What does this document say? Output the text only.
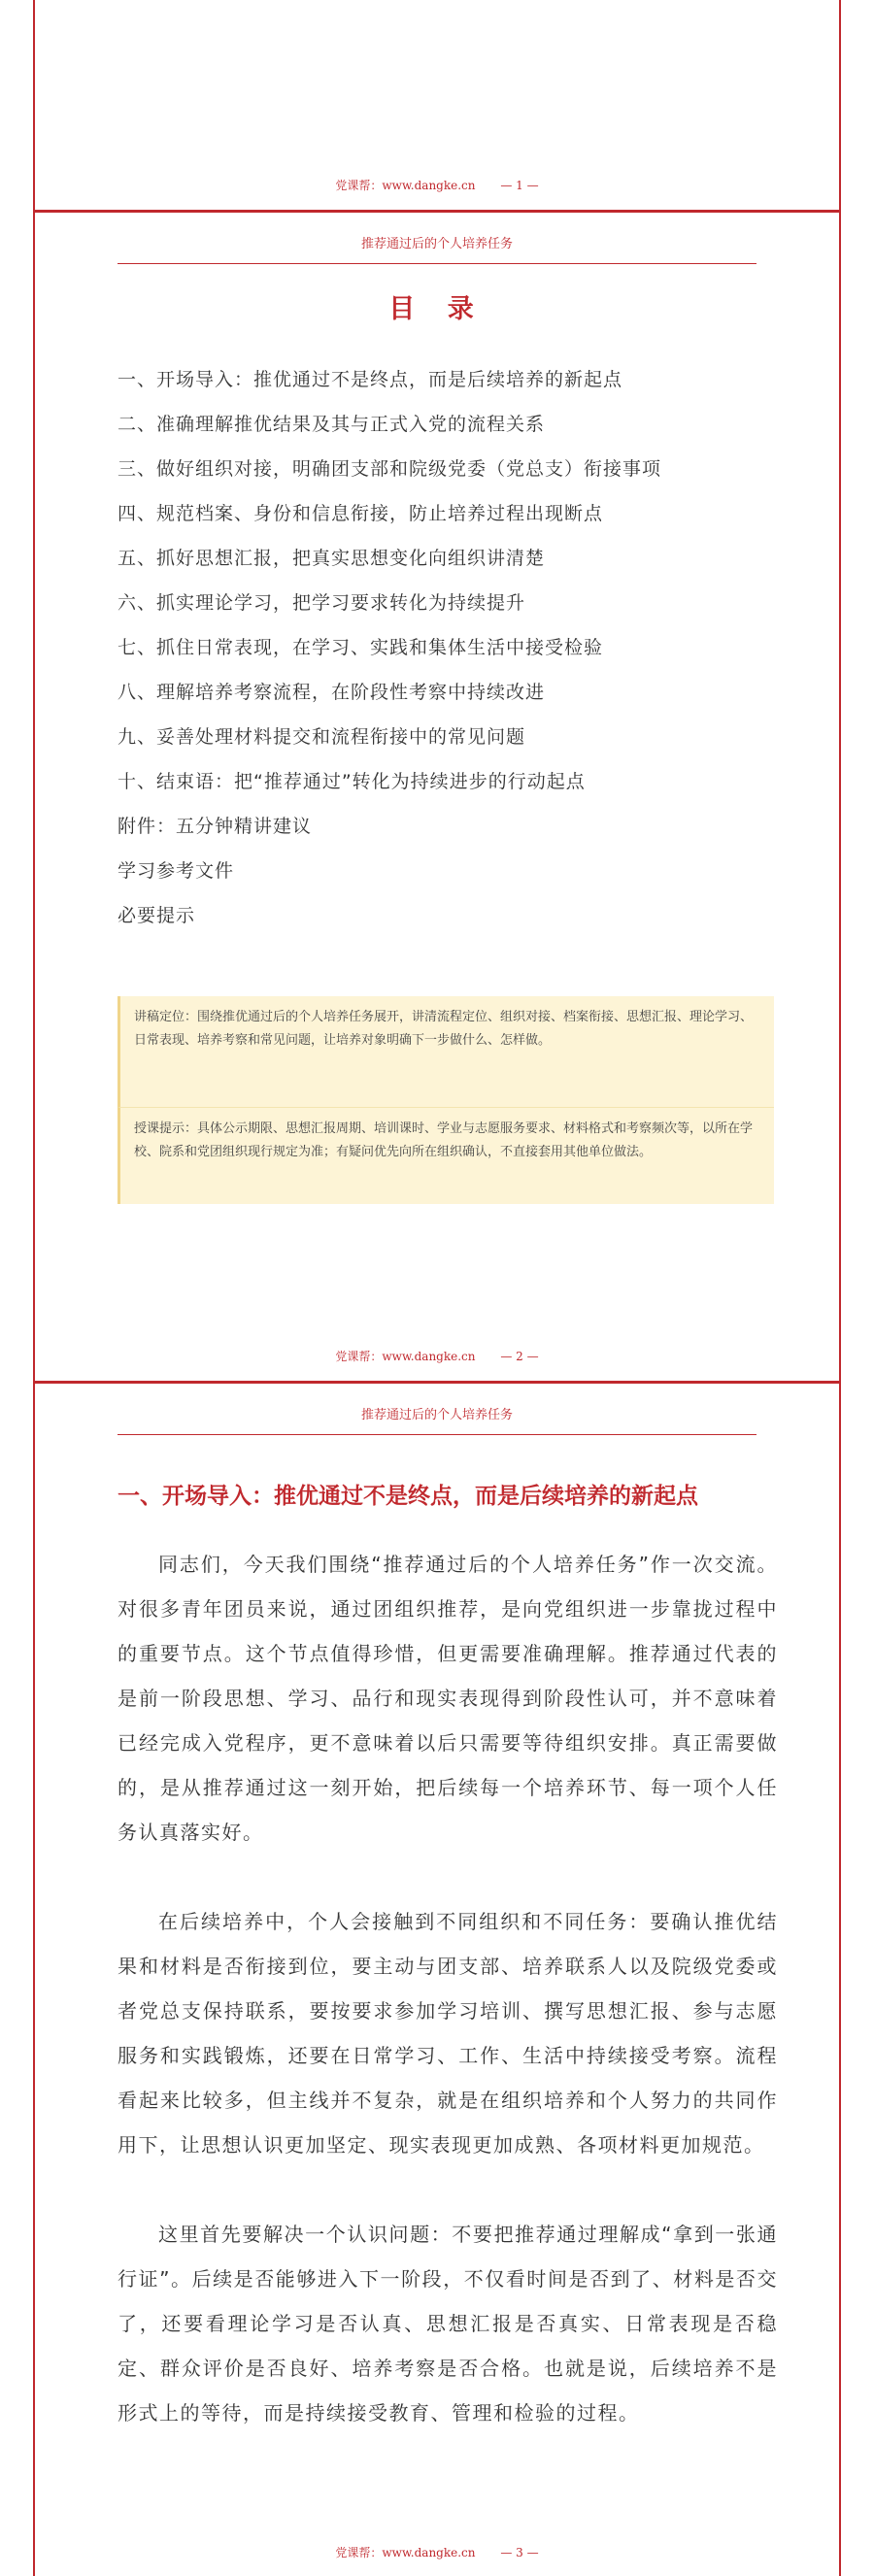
党课帮：www.dangke.cn — 1 —
推荐通过后的个人培养任务
目 录
一、开场导入：推优通过不是终点，而是后续培养的新起点
二、准确理解推优结果及其与正式入党的流程关系
三、做好组织对接，明确团支部和院级党委（党总支）衔接事项
四、规范档案、身份和信息衔接，防止培养过程出现断点
五、抓好思想汇报，把真实思想变化向组织讲清楚
六、抓实理论学习，把学习要求转化为持续提升
七、抓住日常表现，在学习、实践和集体生活中接受检验
八、理解培养考察流程，在阶段性考察中持续改进
九、妥善处理材料提交和流程衔接中的常见问题
十、结束语：把“推荐通过”转化为持续进步的行动起点
附件：五分钟精讲建议
学习参考文件
必要提示
讲稿定位：围绕推优通过后的个人培养任务展开，讲清流程定位、组织对接、档案衔接、思想汇报、理论学习、日常表现、培养考察和常见问题，让培养对象明确下一步做什么、怎样做。
授课提示：具体公示期限、思想汇报周期、培训课时、学业与志愿服务要求、材料格式和考察频次等，以所在学校、院系和党团组织现行规定为准；有疑问优先向所在组织确认，不直接套用其他单位做法。
党课帮：www.dangke.cn — 2 —
推荐通过后的个人培养任务
一、开场导入：推优通过不是终点，而是后续培养的新起点

同志们，今天我们围绕“推荐通过后的个人培养任务”作一次交流。对很多青年团员来说，通过团组织推荐，是向党组织进一步靠拢过程中的重要节点。这个节点值得珍惜，但更需要准确理解。推荐通过代表的是前一阶段思想、学习、品行和现实表现得到阶段性认可，并不意味着已经完成入党程序，更不意味着以后只需要等待组织安排。真正需要做的，是从推荐通过这一刻开始，把后续每一个培养环节、每一项个人任务认真落实好。

在后续培养中，个人会接触到不同组织和不同任务：要确认推优结果和材料是否衔接到位，要主动与团支部、培养联系人以及院级党委或者党总支保持联系，要按要求参加学习培训、撰写思想汇报、参与志愿服务和实践锻炼，还要在日常学习、工作、生活中持续接受考察。流程看起来比较多，但主线并不复杂，就是在组织培养和个人努力的共同作用下，让思想认识更加坚定、现实表现更加成熟、各项材料更加规范。

这里首先要解决一个认识问题：不要把推荐通过理解成“拿到一张通行证”。后续是否能够进入下一阶段，不仅看时间是否到了、材料是否交了，还要看理论学习是否认真、思想汇报是否真实、日常表现是否稳定、群众评价是否良好、培养考察是否合格。也就是说，后续培养不是形式上的等待，而是持续接受教育、管理和检验的过程。

党课帮：www.dangke.cn — 3 —
